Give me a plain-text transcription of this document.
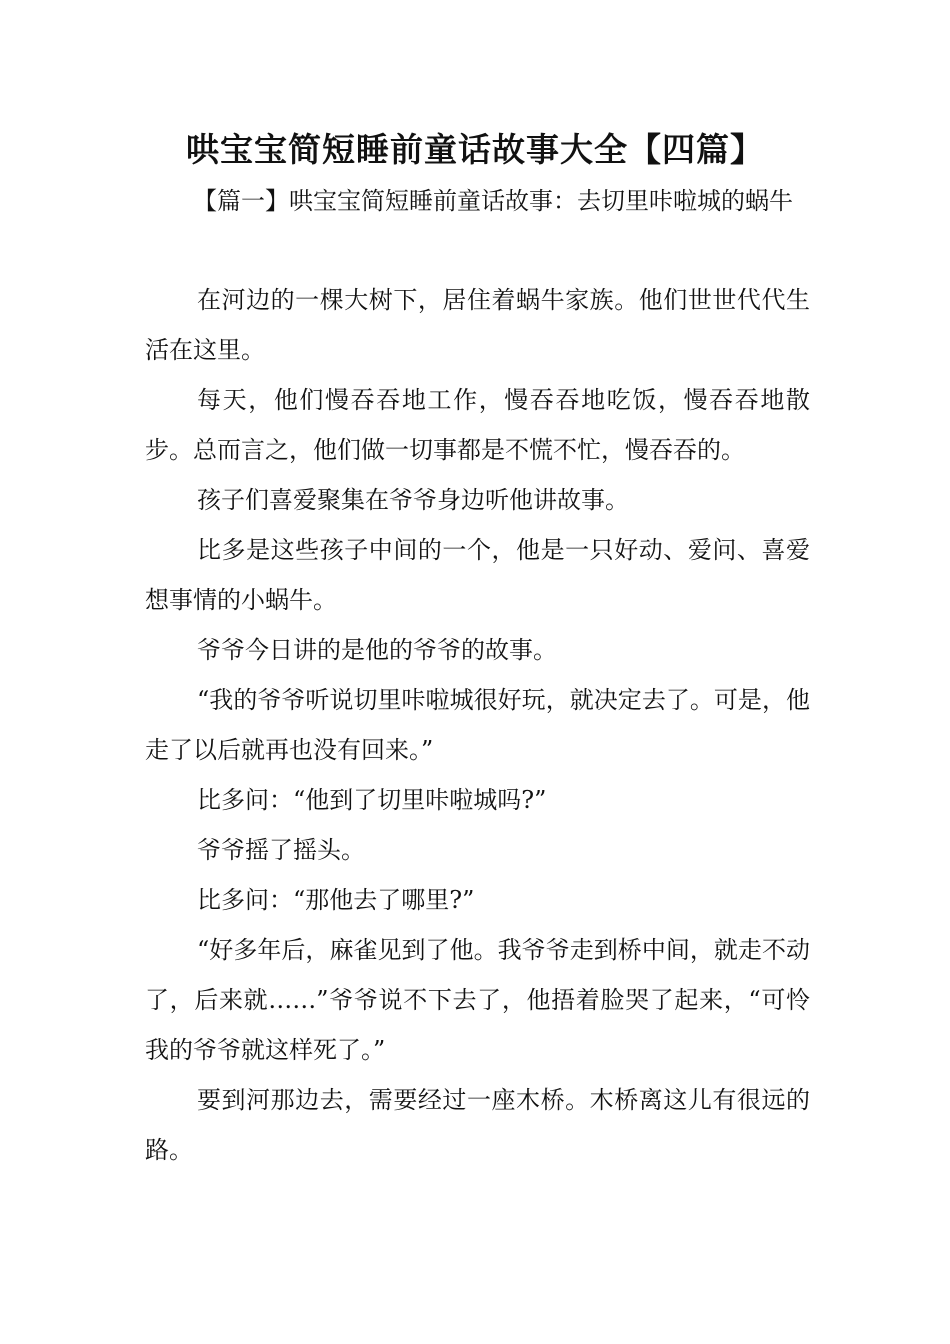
哄宝宝简短睡前童话故事大全【四篇】

【篇一】哄宝宝简短睡前童话故事：去切里咔啦城的蜗牛

在河边的一棵大树下，居住着蜗牛家族。他们世世代代生活在这里。

每天，他们慢吞吞地工作，慢吞吞地吃饭，慢吞吞地散步。总而言之，他们做一切事都是不慌不忙，慢吞吞的。

孩子们喜爱聚集在爷爷身边听他讲故事。

比多是这些孩子中间的一个，他是一只好动、爱问、喜爱想事情的小蜗牛。

爷爷今日讲的是他的爷爷的故事。

“我的爷爷听说切里咔啦城很好玩，就决定去了。可是，他走了以后就再也没有回来。”

比多问：“他到了切里咔啦城吗?”

爷爷摇了摇头。

比多问：“那他去了哪里?”

“好多年后，麻雀见到了他。我爷爷走到桥中间，就走不动了，后来就……”爷爷说不下去了，他捂着脸哭了起来，“可怜我的爷爷就这样死了。”

要到河那边去，需要经过一座木桥。木桥离这儿有很远的路。
